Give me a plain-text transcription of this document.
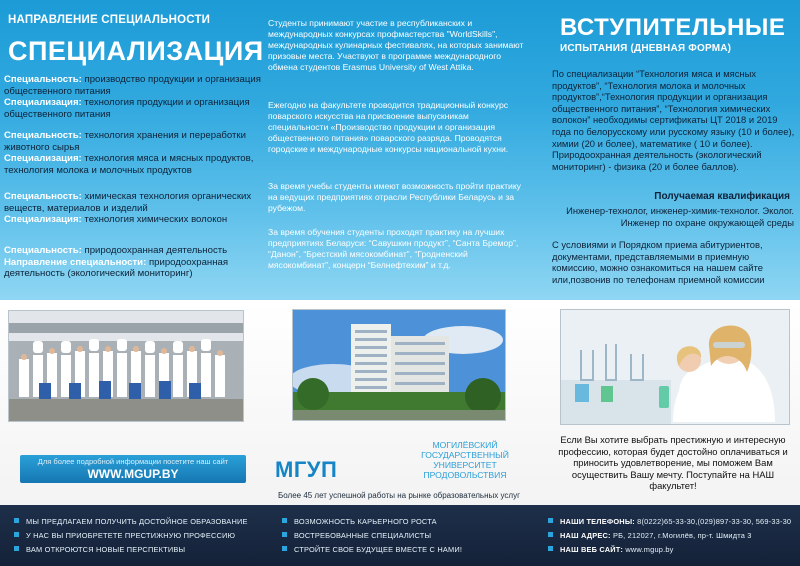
НАПРАВЛЕНИЕ СПЕЦИАЛЬНОСТИ
СПЕЦИАЛИЗАЦИЯ
Специальность: производство продукции и организация общественного питания
Специализация: технология продукции и организация общественного питания
Специальность: технология хранения и переработки животного сырья
Специализация: технология мяса и мясных продуктов, технология молока и молочных продуктов
Специальность: химическая технология органических веществ, материалов и изделий
Специализация: технология химических волокон
Специальность: природоохранная деятельность
Направление специальности: природоохранная деятельность (экологический мониторинг)
Студенты принимают участие в республиканских и международных конкурсах профмастерства "WorldSkills", международных кулинарных фестивалях, на которых занимают призовые места. Участвуют в программе международного обмена студентов Erasmus University of West Attika.
Ежегодно на факультете проводится традиционный конкурс поварского искусства на присвоение выпускникам специальности «Производство продукции и организация общественного питания» поварского разряда. Проводятся городские и международные конкурсы национальной кухни.
За время учебы студенты имеют возможность пройти практику на ведущих предприятиях отрасли Республики Беларусь и за рубежом.
За время обучения студенты проходят практику на лучших предприятиях Беларуси: “Савушкин продукт”, “Санта Бремор”, “Данон”, “Брестский мясокомбинат”, “Гродненский мясокомбинат”, концерн “Белнефтехим” и т.д.
ВСТУПИТЕЛЬНЫЕ
ИСПЫТАНИЯ (ДНЕВНАЯ ФОРМА)
По специализации “Технология мяса и мясных продуктов”, “Технология молока и молочных продуктов”,“Технология продукции и организация общественного питания”, “Технология химических волокон” необходимы сертификаты ЦТ 2018 и 2019 года по белорусскому или русскому языку (10 и более), химии (20 и более), математике ( 10 и более). Природоохранная деятельность (экологический мониторинг) - физика (20 и более баллов).
Получаемая квалификация
Инженер-технолог, инженер-химик-технолог. Эколог. Инженер по охране окружающей среды
С условиями и Порядком приема абитуриентов, документами, представляемыми в приемную комиссию, можно ознакомиться на нашем сайте или,позвонив по телефонам приемной комиссии
Для более подробной информации посетите наш сайт
WWW.MGUP.BY	МГУП
МОГИЛЁВСКИЙ ГОСУДАРСТВЕННЫЙ УНИВЕРСИТЕТ ПРОДОВОЛЬСТВИЯ
Более 45 лет успешной работы на рынке образовательных услуг
Если Вы хотите выбрать престижную и интересную профессию, которая будет достойно оплачиваться и приносить удовлетворение, мы поможем Вам осуществить Вашу мечту. Поступайте на НАШ факультет!
МЫ ПРЕДЛАГАЕМ ПОЛУЧИТЬ ДОСТОЙНОЕ ОБРАЗОВАНИЕ
У НАС ВЫ ПРИОБРЕТЕТЕ ПРЕСТИЖНУЮ ПРОФЕССИЮ
ВАМ ОТКРОЮТСЯ НОВЫЕ ПЕРСПЕКТИВЫ
ВОЗМОЖНОСТЬ КАРЬЕРНОГО РОСТА
ВОСТРЕБОВАННЫЕ СПЕЦИАЛИСТЫ
СТРОЙТЕ СВОЕ БУДУЩЕЕ ВМЕСТЕ С НАМИ!
НАШИ ТЕЛЕФОНЫ: 8(0222)65-33-30,(029)897-33-30, 569-33-30
НАШ АДРЕС: РБ, 212027, г.Могилёв, пр-т. Шмидта 3
НАШ ВЕБ САЙТ: www.mgup.by
